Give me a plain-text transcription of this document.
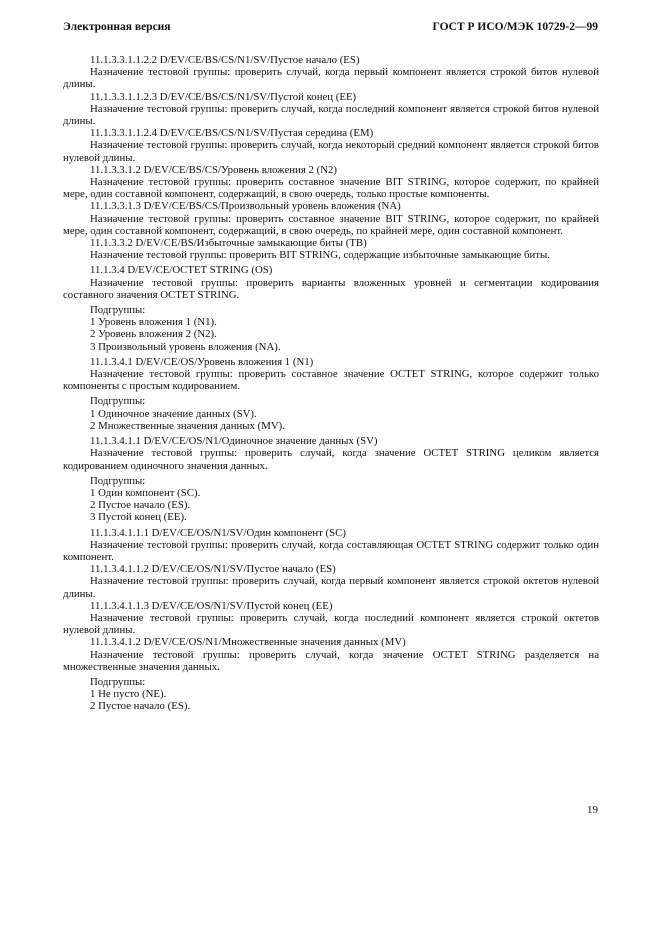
Электронная версия	ГОСТ Р ИСО/МЭК 10729-2—99

11.1.3.3.1.1.2.2 D/EV/CE/BS/CS/N1/SV/Пустое начало (ES)

Назначение тестовой группы: проверить случай, когда первый компонент является строкой битов нулевой длины.

11.1.3.3.1.1.2.3 D/EV/CE/BS/CS/N1/SV/Пустой конец (EE)

Назначение тестовой группы: проверить случай, когда последний компонент является строкой битов нулевой длины.

11.1.3.3.1.1.2.4 D/EV/CE/BS/CS/N1/SV/Пустая середина (EM)

Назначение тестовой группы: проверить случай, когда некоторый средний компонент является строкой битов нулевой длины.

11.1.3.3.1.2 D/EV/CE/BS/CS/Уровень вложения 2 (N2)

Назначение тестовой группы: проверить составное значение BIT STRING, которое содержит, по крайней мере, один составной компонент, содержащий, в свою очередь, только простые компоненты.

11.1.3.3.1.3 D/EV/CE/BS/CS/Произвольный уровень вложения (NA)

Назначение тестовой группы: проверить составное значение BIT STRING, которое содержит, по крайней мере, один составной компонент, содержащий, в свою очередь, по крайней мере, один составной компонент.

11.1.3.3.2 D/EV/CE/BS/Избыточные замыкающие биты (TB)

Назначение тестовой группы: проверить BIT STRING, содержащие избыточные замыкающие биты.

11.1.3.4 D/EV/CE/OCTET STRING (OS)

Назначение тестовой группы: проверить варианты вложенных уровней и сегментации кодирования составного значения OCTET STRING.

Подгруппы:

1 Уровень вложения 1 (N1).

2 Уровень вложения 2 (N2).

3 Произвольный уровень вложения (NA).

11.1.3.4.1 D/EV/CE/OS/Уровень вложения 1 (N1)

Назначение тестовой группы: проверить составное значение OCTET STRING, которое содержит только компоненты с простым кодированием.

Подгруппы:

1 Одиночное значение данных (SV).

2 Множественные значения данных (MV).

11.1.3.4.1.1 D/EV/CE/OS/N1/Одиночное значение данных (SV)

Назначение тестовой группы: проверить случай, когда значение OCTET STRING целиком является кодированием одиночного значения данных.

Подгруппы:

1 Один компонент (SC).

2 Пустое начало (ES).

3 Пустой конец (EE).

11.1.3.4.1.1.1 D/EV/CE/OS/N1/SV/Один компонент (SC)

Назначение тестовой группы: проверить случай, когда составляющая OCTET STRING содержит только один компонент.

11.1.3.4.1.1.2 D/EV/CE/OS/N1/SV/Пустое начало (ES)

Назначение тестовой группы: проверить случай, когда первый компонент является строкой октетов нулевой длины.

11.1.3.4.1.1.3 D/EV/CE/OS/N1/SV/Пустой конец (EE)

Назначение тестовой группы: проверить случай, когда последний компонент является строкой октетов нулевой длины.

11.1.3.4.1.2 D/EV/CE/OS/N1/Множественные значения данных (MV)

Назначение тестовой группы: проверить случай, когда значение OCTET STRING разделяется на множественные значения данных.

Подгруппы:

1 Не пусто (NE).

2 Пустое начало (ES).

19
